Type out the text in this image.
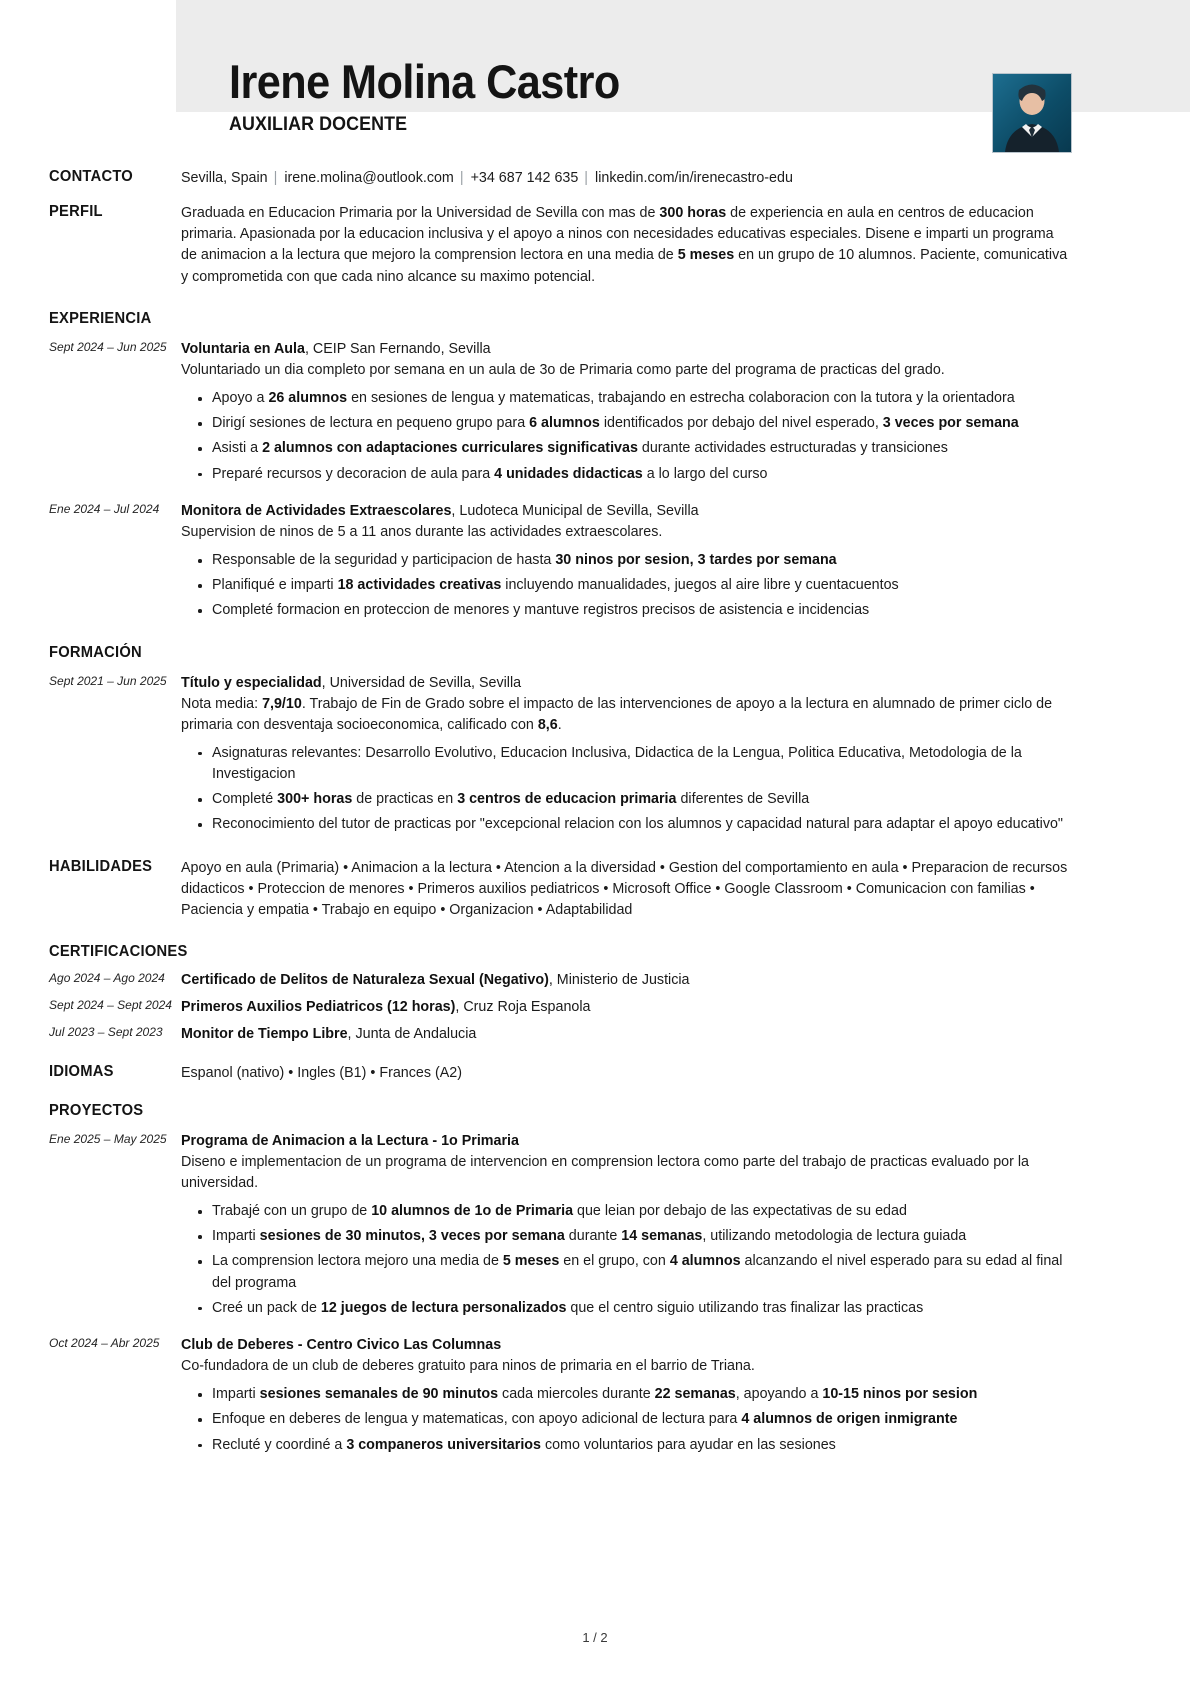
Irene Molina Castro
AUXILIAR DOCENTE
CONTACTO	Sevilla, Spain | irene.molina@outlook.com | +34 687 142 635 | linkedin.com/in/irenecastro-edu
PERFIL	Graduada en Educacion Primaria por la Universidad de Sevilla con mas de 300 horas de experiencia en aula en centros de educacion primaria. Apasionada por la educacion inclusiva y el apoyo a ninos con necesidades educativas especiales. Disene e imparti un programa de animacion a la lectura que mejoro la comprension lectora en una media de 5 meses en un grupo de 10 alumnos. Paciente, comunicativa y comprometida con que cada nino alcance su maximo potencial.
EXPERIENCIA
Sept 2024 – Jun 2025	Voluntaria en Aula, CEIP San Fernando, Sevilla
Voluntariado un dia completo por semana en un aula de 3o de Primaria como parte del programa de practicas del grado.
Apoyo a 26 alumnos en sesiones de lengua y matematicas, trabajando en estrecha colaboracion con la tutora y la orientadora
Dirigí sesiones de lectura en pequeno grupo para 6 alumnos identificados por debajo del nivel esperado, 3 veces por semana
Asisti a 2 alumnos con adaptaciones curriculares significativas durante actividades estructuradas y transiciones
Preparé recursos y decoracion de aula para 4 unidades didacticas a lo largo del curso
Ene 2024 – Jul 2024	Monitora de Actividades Extraescolares, Ludoteca Municipal de Sevilla, Sevilla
Supervision de ninos de 5 a 11 anos durante las actividades extraescolares.
Responsable de la seguridad y participacion de hasta 30 ninos por sesion, 3 tardes por semana
Planifiqué e imparti 18 actividades creativas incluyendo manualidades, juegos al aire libre y cuentacuentos
Completé formacion en proteccion de menores y mantuve registros precisos de asistencia e incidencias
FORMACIÓN
Sept 2021 – Jun 2025	Título y especialidad, Universidad de Sevilla, Sevilla
Nota media: 7,9/10. Trabajo de Fin de Grado sobre el impacto de las intervenciones de apoyo a la lectura en alumnado de primer ciclo de primaria con desventaja socioeconomica, calificado con 8,6.
Asignaturas relevantes: Desarrollo Evolutivo, Educacion Inclusiva, Didactica de la Lengua, Politica Educativa, Metodologia de la Investigacion
Completé 300+ horas de practicas en 3 centros de educacion primaria diferentes de Sevilla
Reconocimiento del tutor de practicas por "excepcional relacion con los alumnos y capacidad natural para adaptar el apoyo educativo"
HABILIDADES	Apoyo en aula (Primaria) • Animacion a la lectura • Atencion a la diversidad • Gestion del comportamiento en aula • Preparacion de recursos didacticos • Proteccion de menores • Primeros auxilios pediatricos • Microsoft Office • Google Classroom • Comunicacion con familias • Paciencia y empatia • Trabajo en equipo • Organizacion • Adaptabilidad
CERTIFICACIONES
Ago 2024 – Ago 2024	Certificado de Delitos de Naturaleza Sexual (Negativo), Ministerio de Justicia
Sept 2024 – Sept 2024 Primeros Auxilios Pediatricos (12 horas), Cruz Roja Espanola
Jul 2023 – Sept 2023	Monitor de Tiempo Libre, Junta de Andalucia
IDIOMAS	Espanol (nativo) • Ingles (B1) • Frances (A2)
PROYECTOS
Ene 2025 – May 2025	Programa de Animacion a la Lectura - 1o Primaria
Diseno e implementacion de un programa de intervencion en comprension lectora como parte del trabajo de practicas evaluado por la universidad.
Trabajé con un grupo de 10 alumnos de 1o de Primaria que leian por debajo de las expectativas de su edad
Imparti sesiones de 30 minutos, 3 veces por semana durante 14 semanas, utilizando metodologia de lectura guiada
La comprension lectora mejoro una media de 5 meses en el grupo, con 4 alumnos alcanzando el nivel esperado para su edad al final del programa
Creé un pack de 12 juegos de lectura personalizados que el centro siguio utilizando tras finalizar las practicas
Oct 2024 – Abr 2025	Club de Deberes - Centro Civico Las Columnas
Co-fundadora de un club de deberes gratuito para ninos de primaria en el barrio de Triana.
Imparti sesiones semanales de 90 minutos cada miercoles durante 22 semanas, apoyando a 10-15 ninos por sesion
Enfoque en deberes de lengua y matematicas, con apoyo adicional de lectura para 4 alumnos de origen inmigrante
Recluté y coordiné a 3 companeros universitarios como voluntarios para ayudar en las sesiones
1 / 2
